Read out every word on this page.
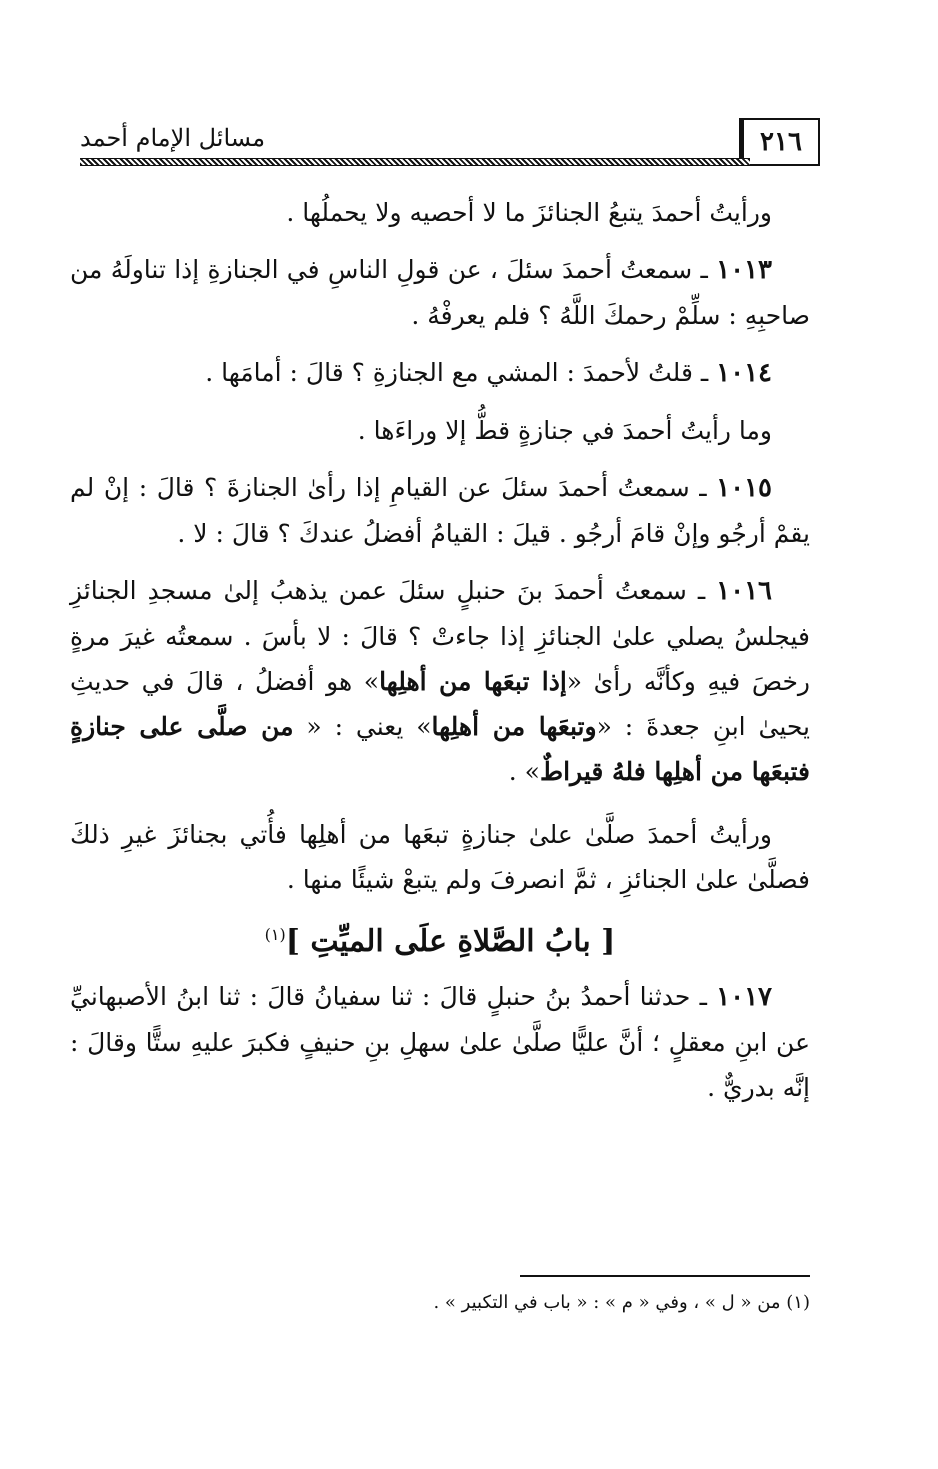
٢١٦
مسائل الإمام أحمد

ورأيتُ أحمدَ يتبعُ الجنائزَ ما لا أحصيه ولا يحملُها .

١٠١٣ ـ سمعتُ أحمدَ سئلَ ، عن قولِ الناسِ في الجنازةِ إذا تناولَهُ من صاحبِهِ : سلِّمْ رحمكَ اللَّهُ ؟ فلم يعرفْهُ .

١٠١٤ ـ قلتُ لأحمدَ : المشي مع الجنازةِ ؟ قالَ : أمامَها .

وما رأيتُ أحمدَ في جنازةٍ قطُّ إلا وراءَها .

١٠١٥ ـ سمعتُ أحمدَ سئلَ عن القيامِ إذا رأىٰ الجنازةَ ؟ قالَ : إنْ لم يقمْ أرجُو وإنْ قامَ أرجُو . قيلَ : القيامُ أفضلُ عندكَ ؟ قالَ : لا .

١٠١٦ ـ سمعتُ أحمدَ بنَ حنبلٍ سئلَ عمن يذهبُ إلىٰ مسجدِ الجنائزِ فيجلسُ يصلي علىٰ الجنائزِ إذا جاءتْ ؟ قالَ : لا بأسَ . سمعتُه غيرَ مرةٍ رخصَ فيهِ وكأنَّه رأىٰ «إذا تبعَها من أهلِها» هو أفضلُ ، قالَ في حديثِ يحيىٰ ابنِ جعدةَ : «وتبعَها من أهلِها» يعني : « من صلَّى على جنازةٍ فتبعَها من أهلِها فلهُ قيراطٌ» .

ورأيتُ أحمدَ صلَّىٰ علىٰ جنازةٍ تبعَها من أهلِها فأُتي بجنائزَ غيرِ ذلكَ فصلَّىٰ علىٰ الجنائزِ ، ثمَّ انصرفَ ولم يتبعْ شيئًا منها .

[ بابُ الصَّلاةِ علَى الميِّتِ ]$^{(١)}$

١٠١٧ ـ حدثنا أحمدُ بنُ حنبلٍ قالَ : ثنا سفيانُ قالَ : ثنا ابنُ الأصبهانيِّ عن ابنِ معقلٍ ؛ أنَّ عليًّا صلَّىٰ علىٰ سهلِ بنِ حنيفٍ فكبرَ عليهِ ستًّا وقالَ : إنَّه بدريٌّ .

(١) من « ل » ، وفي « م » : « باب في التكبير » .
